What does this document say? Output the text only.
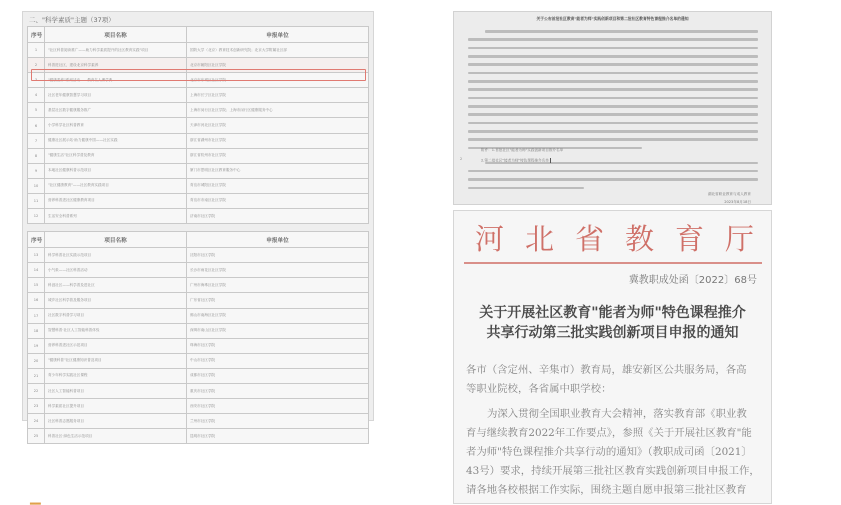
二、"科学素质"主题（37项）
序号	项目名称	申报单位
1	"社区科普阅读推广——助力科学素质提升的社区教育实践"项目	国防大学（北京）教育技术创新研究院；北京大学附属社区部
2	科普进社区，建设北京科学素养	北京市朝阳区社区学院
3	"健康素养"系列活动——教育名人博学典	北京市东城区社区学院
4	社区老年健康智慧学习项目	上海市长宁区社区学院
5	基层社区数字健康服务推广	上海市闵行区社区学院；上海市闵行区健康服务中心
6	小学科学社区科普教育	天津市河北区社区学院
7	健康社区展示站·助力健康中国——社区实践	浙江省湖州市社区学院
8	"健康生活"社区科学普及教育	浙江省杭州市社区学院
9	本地社区健康科普示范项目	厦门市思明区社区教育服务中心
10	"社区健康教育"——社区教育实践项目	青岛市城阳区社区学院
11	营养科普进社区健康教育项目	青岛市市南区社区学院
12	生活安全科普系列	济南市社区学院
序号	项目名称	申报单位
13	科学科普社区实践示范项目	沈阳市社区学院
14	小气象——社区科普活动	长沙市雨花区社区学院
15	科创社区——科学普及进社区	广州市海珠区社区学院
16	城乡社区科学普及服务项目	广东省社区学院
17	社区数字科普学习项目	佛山市南海区社区学院
18	智慧科普·社区人工智能科普体验	深圳市南山区社区学院
19	营养科普进社区示范项目	珠海市社区学院
20	"健康科普"社区健康知识普及项目	中山市社区学院
21	青少年科学实践社区课程	成都市社区学院
22	社区人工智能科普项目	重庆市社区学院
23	科学素质社区提升项目	西安市社区学院
24	社区科普志愿服务项目	兰州市社区学院
25	科普社区·绿色生活示范项目	昆明市社区学院
关于公布首批社区教育"能者为师"实践创新项目和第二批社区教育特色课程推介名单的通知
2
附件：1.首批社区"能者为师"实践创新项目推介名单
2.第二批社区"能者为师"特色课程推介名单
湖北省职业教育与成人教育
2023年8月18日
河北省教育厅
冀教职成处函〔2022〕68号
关于开展社区教育"能者为师"特色课程推介
共享行动第三批实践创新项目申报的通知
各市（含定州、辛集市）教育局，雄安新区公共服务局，各高
等职业院校，各省属中职学校：
为深入贯彻全国职业教育大会精神，落实教育部《职业教
育与继续教育2022年工作要点》，参照《关于开展社区教育"能
者为师"特色课程推介共享行动的通知》（教职成司函〔2021〕
43号）要求，持续开展第三批社区教育实践创新项目申报工作，
请各地各校根据工作实际，围绕主题自愿申报第三批社区教育
▂▂
